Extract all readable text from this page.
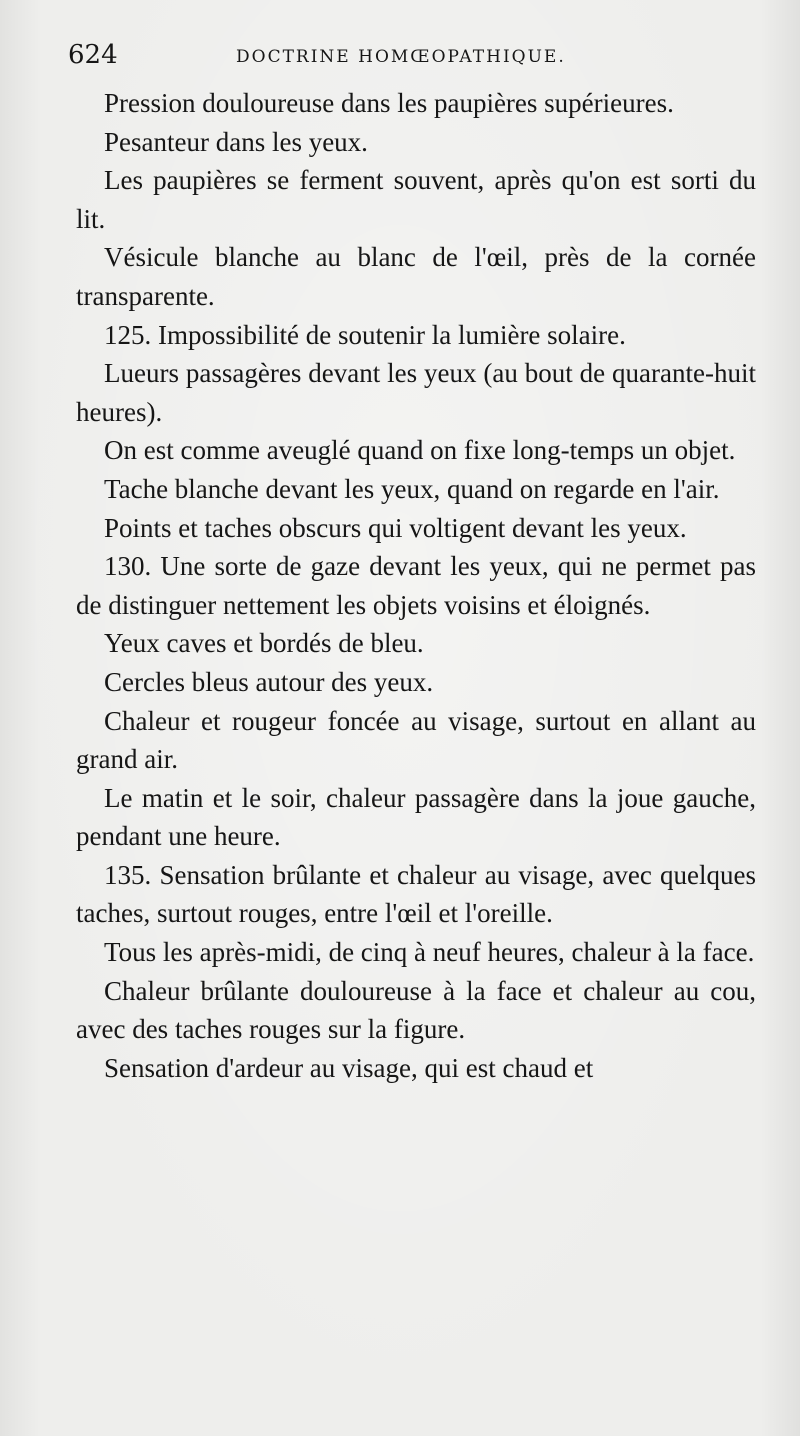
624	DOCTRINE HOMŒOPATHIQUE.

Pression douloureuse dans les paupières supérieures.

Pesanteur dans les yeux.

Les paupières se ferment souvent, après qu'on est sorti du lit.

Vésicule blanche au blanc de l'œil, près de la cornée transparente.

125. Impossibilité de soutenir la lumière solaire.

Lueurs passagères devant les yeux (au bout de quarante-huit heures).

On est comme aveuglé quand on fixe long-temps un objet.

Tache blanche devant les yeux, quand on regarde en l'air.

Points et taches obscurs qui voltigent devant les yeux.

130. Une sorte de gaze devant les yeux, qui ne permet pas de distinguer nettement les objets voisins et éloignés.

Yeux caves et bordés de bleu.

Cercles bleus autour des yeux.

Chaleur et rougeur foncée au visage, surtout en allant au grand air.

Le matin et le soir, chaleur passagère dans la joue gauche, pendant une heure.

135. Sensation brûlante et chaleur au visage, avec quelques taches, surtout rouges, entre l'œil et l'oreille.

Tous les après-midi, de cinq à neuf heures, chaleur à la face.

Chaleur brûlante douloureuse à la face et chaleur au cou, avec des taches rouges sur la figure.

Sensation d'ardeur au visage, qui est chaud et
